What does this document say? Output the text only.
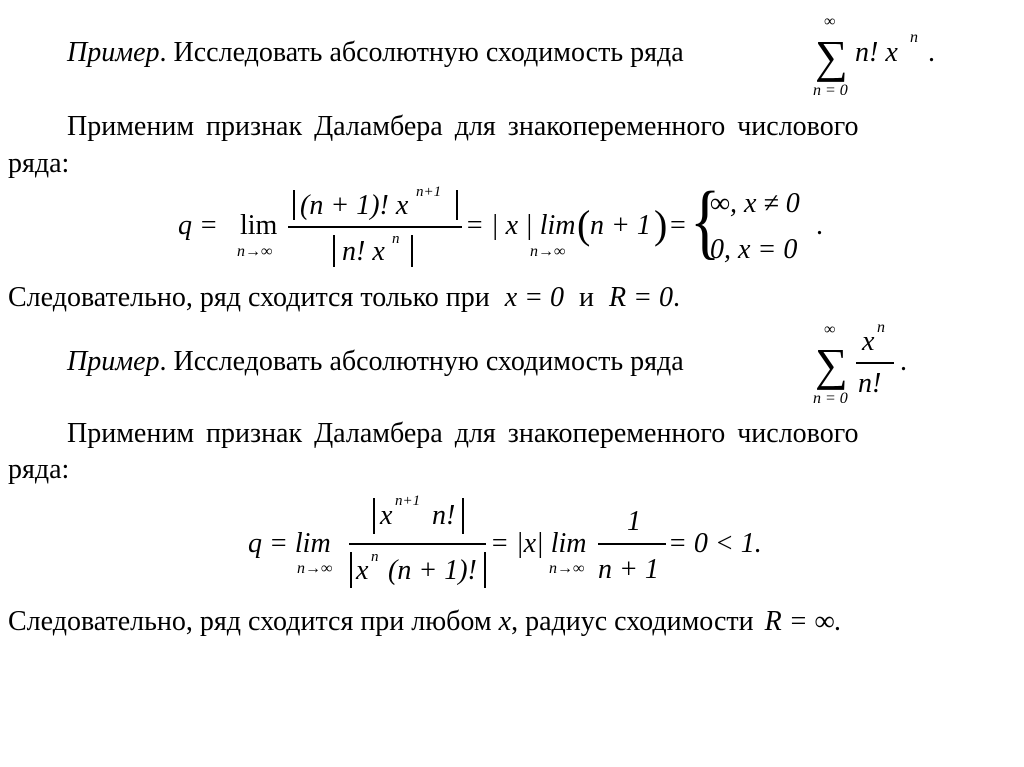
Пример. Исследовать абсолютную сходимость ряда
∞
∑
n = 0
n! x n .
Применим признак Даламбера для знакопеременного числового
ряда:
q = lim
n→∞
(n + 1)! x n+1
n! x n = | x | lim
n→∞
( n + 1 ) = {
∞, x ≠ 0
0, x = 0
.
Следовательно, ряд сходится только при x = 0 и R = 0.
Пример. Исследовать абсолютную сходимость ряда
∞
∑
n = 0
x n
n!
.
Применим признак Даламбера для знакопеременного числового
ряда:
q = lim
n→∞
x n+1 n!
x n (n + 1)!
= |x| lim
n→∞
1
n + 1
= 0 < 1.
Следовательно, ряд сходится при любом x, радиус сходимости R = ∞.
